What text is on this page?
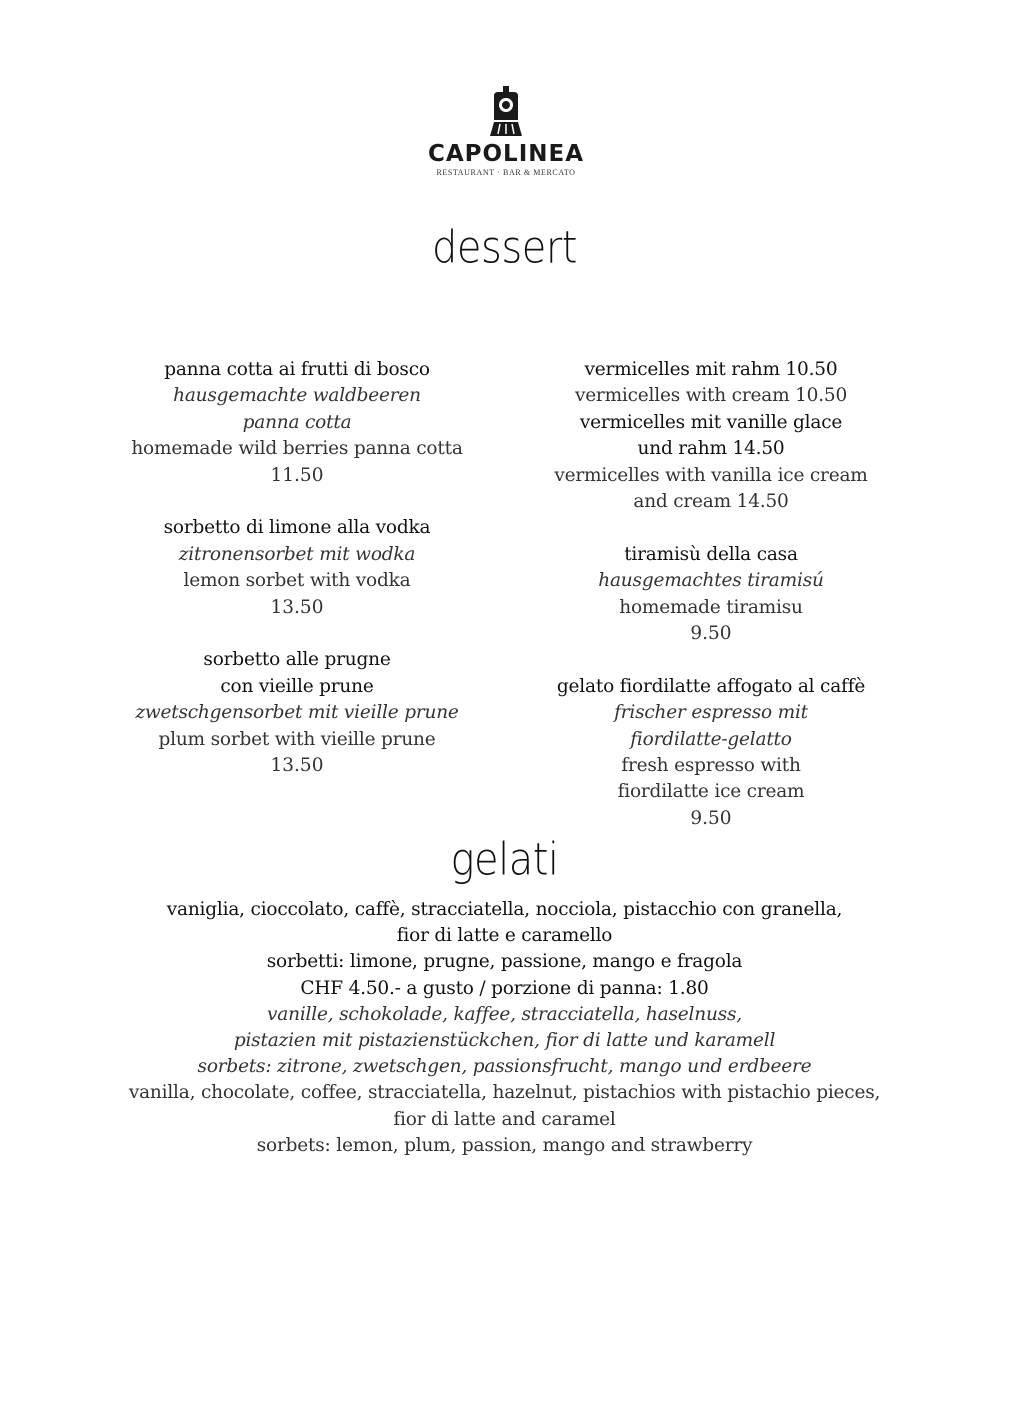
CAPOLINEA
RESTAURANT · BAR & MERCATO
dessert
panna cotta ai frutti di bosco
hausgemachte waldbeeren
panna cotta
homemade wild berries panna cotta
11.50
sorbetto di limone alla vodka
zitronensorbet mit wodka
lemon sorbet with vodka
13.50
sorbetto alle prugne
con vieille prune
zwetschgensorbet mit vieille prune
plum sorbet with vieille prune
13.50
vermicelles mit rahm 10.50
vermicelles with cream 10.50
vermicelles mit vanille glace
und rahm 14.50
vermicelles with vanilla ice cream
and cream 14.50
tiramisù della casa
hausgemachtes tiramisú
homemade tiramisu
9.50
gelato fiordilatte affogato al caffè
frischer espresso mit
fiordilatte-gelatto
fresh espresso with
fiordilatte ice cream
9.50
gelati
vaniglia, cioccolato, caffè, stracciatella, nocciola, pistacchio con granella,
fior di latte e caramello
sorbetti: limone, prugne, passione, mango e fragola
CHF 4.50.- a gusto / porzione di panna: 1.80
vanille, schokolade, kaffee, stracciatella, haselnuss,
pistazien mit pistazienstückchen, fior di latte und karamell
sorbets: zitrone, zwetschgen, passionsfrucht, mango und erdbeere
vanilla, chocolate, coffee, stracciatella, hazelnut, pistachios with pistachio pieces,
fior di latte and caramel
sorbets: lemon, plum, passion, mango and strawberry
